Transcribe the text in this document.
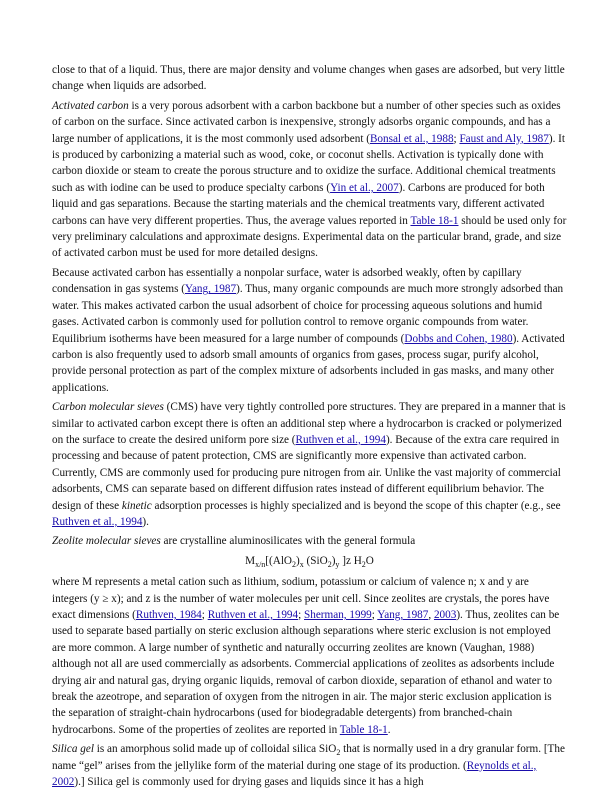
close to that of a liquid. Thus, there are major density and volume changes when gases are adsorbed, but very little change when liquids are adsorbed.

Activated carbon is a very porous adsorbent with a carbon backbone but a number of other species such as oxides of carbon on the surface. Since activated carbon is inexpensive, strongly adsorbs organic compounds, and has a large number of applications, it is the most commonly used adsorbent (Bonsal et al., 1988; Faust and Aly, 1987). It is produced by carbonizing a material such as wood, coke, or coconut shells. Activation is typically done with carbon dioxide or steam to create the porous structure and to oxidize the surface. Additional chemical treatments such as with iodine can be used to produce specialty carbons (Yin et al., 2007). Carbons are produced for both liquid and gas separations. Because the starting materials and the chemical treatments vary, different activated carbons can have very different properties. Thus, the average values reported in Table 18-1 should be used only for very preliminary calculations and approximate designs. Experimental data on the particular brand, grade, and size of activated carbon must be used for more detailed designs.

Because activated carbon has essentially a nonpolar surface, water is adsorbed weakly, often by capillary condensation in gas systems (Yang, 1987). Thus, many organic compounds are much more strongly adsorbed than water. This makes activated carbon the usual adsorbent of choice for processing aqueous solutions and humid gases. Activated carbon is commonly used for pollution control to remove organic compounds from water. Equilibrium isotherms have been measured for a large number of compounds (Dobbs and Cohen, 1980). Activated carbon is also frequently used to adsorb small amounts of organics from gases, process sugar, purify alcohol, provide personal protection as part of the complex mixture of adsorbents included in gas masks, and many other applications.

Carbon molecular sieves (CMS) have very tightly controlled pore structures. They are prepared in a manner that is similar to activated carbon except there is often an additional step where a hydrocarbon is cracked or polymerized on the surface to create the desired uniform pore size (Ruthven et al., 1994). Because of the extra care required in processing and because of patent protection, CMS are significantly more expensive than activated carbon. Currently, CMS are commonly used for producing pure nitrogen from air. Unlike the vast majority of commercial adsorbents, CMS can separate based on different diffusion rates instead of different equilibrium behavior. The design of these kinetic adsorption processes is highly specialized and is beyond the scope of this chapter (e.g., see Ruthven et al., 1994).

Zeolite molecular sieves are crystalline aluminosilicates with the general formula

$M_{x/n}[(AlO_2)_x$ $(SiO_2)_y$ ]z $H_2O$

where M represents a metal cation such as lithium, sodium, potassium or calcium of valence n; x and y are integers (y ≥ x); and z is the number of water molecules per unit cell. Since zeolites are crystals, the pores have exact dimensions (Ruthven, 1984; Ruthven et al., 1994; Sherman, 1999; Yang, 1987, 2003). Thus, zeolites can be used to separate based partially on steric exclusion although separations where steric exclusion is not employed are more common. A large number of synthetic and naturally occurring zeolites are known (Vaughan, 1988) although not all are used commercially as adsorbents. Commercial applications of zeolites as adsorbents include drying air and natural gas, drying organic liquids, removal of carbon dioxide, separation of ethanol and water to break the azeotrope, and separation of oxygen from the nitrogen in air. The major steric exclusion application is the separation of straight-chain hydrocarbons (used for biodegradable detergents) from branched-chain hydrocarbons. Some of the properties of zeolites are reported in Table 18-1.

Silica gel is an amorphous solid made up of colloidal silica SiO$_2$ that is normally used in a dry granular form. [The name “gel” arises from the jellylike form of the material during one stage of its production. (Reynolds et al., 2002).] Silica gel is commonly used for drying gases and liquids since it has a high
